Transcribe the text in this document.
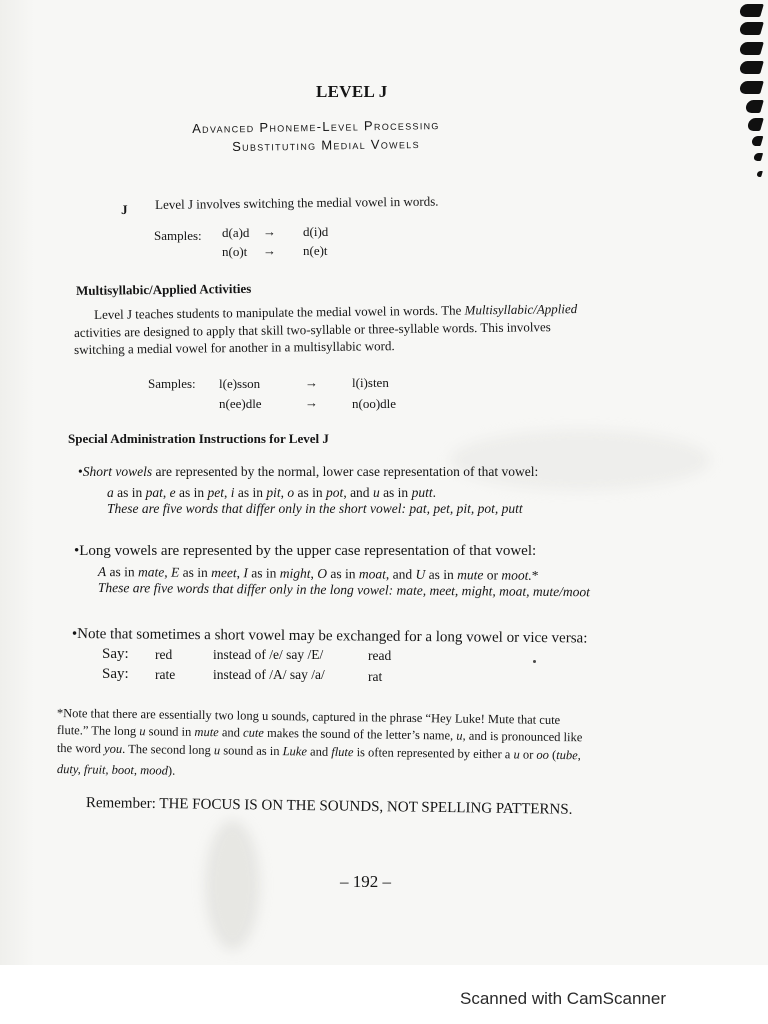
LEVEL J
Advanced Phoneme-Level Processing
Substituting Medial Vowels
J Level J involves switching the medial vowel in words.
Samples: d(a)d → d(i)d
n(o)t → n(e)t
Multisyllabic/Applied Activities
Level J teaches students to manipulate the medial vowel in words. The Multisyllabic/Applied
activities are designed to apply that skill two-syllable or three-syllable words. This involves
switching a medial vowel for another in a multisyllabic word.
Samples: l(e)sson	→	l(i)sten
n(ee)dle	→	n(oo)dle
Special Administration Instructions for Level J
•Short vowels are represented by the normal, lower case representation of that vowel:
a as in pat, e as in pet, i as in pit, o as in pot, and u as in putt.
These are five words that differ only in the short vowel: pat, pet, pit, pot, putt
•Long vowels are represented by the upper case representation of that vowel:
A as in mate, E as in meet, I as in might, O as in moat, and U as in mute or moot.*
These are five words that differ only in the long vowel: mate, meet, might, moat, mute/moot
•Note that sometimes a short vowel may be exchanged for a long vowel or vice versa:
Say: red	instead of /e/ say /E/	read
Say: rate	instead of /A/ say /a/	rat
*Note that there are essentially two long u sounds, captured in the phrase “Hey Luke! Mute that cute
flute.” The long u sound in mute and cute makes the sound of the letter’s name, u, and is pronounced like
the word you. The second long u sound as in Luke and flute is often represented by either a u or oo (tube,
duty, fruit, boot, mood).
Remember: THE FOCUS IS ON THE SOUNDS, NOT SPELLING PATTERNS.
– 192 –
Scanned with CamScanner
